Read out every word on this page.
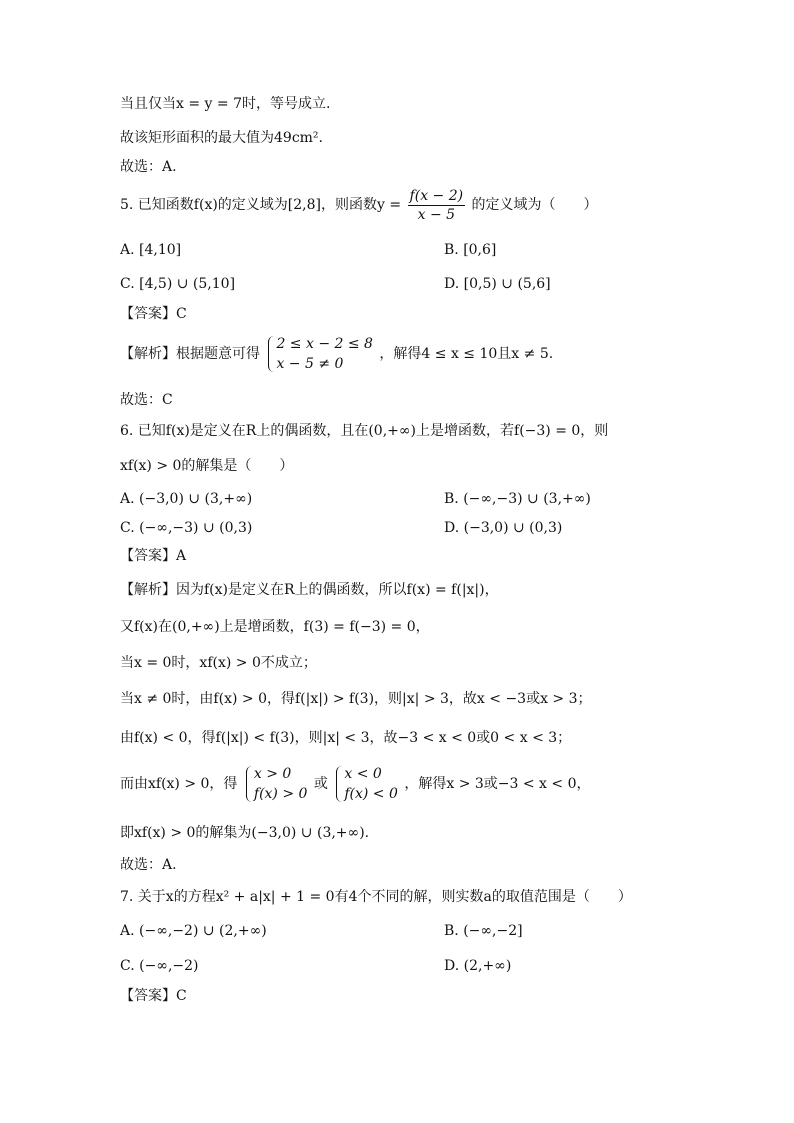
当且仅当x = y = 7时，等号成立.
故该矩形面积的最大值为49cm².
故选：A.
5. 已知函数f(x)的定义域为[2,8]，则函数$y = \frac{f(x - 2)}{x - 5}$ 的定义域为（　　）
A. [4,10]	B. [0,6]
C. [4,5) ∪ (5,10]	D. [0,5) ∪ (5,6]
【答案】C
【解析】根据题意可得
2 ≤ x − 2 ≤ 8
x − 5 ≠ 0
，解得4 ≤ x ≤ 10且x ≠ 5.
故选：C
6. 已知f(x)是定义在R上的偶函数，且在(0,+∞)上是增函数，若f(−3) = 0，则
xf(x) > 0的解集是（　　）
A. (−3,0) ∪ (3,+∞)	B. (−∞,−3) ∪ (3,+∞)
C. (−∞,−3) ∪ (0,3)	D. (−3,0) ∪ (0,3)
【答案】A
【解析】因为f(x)是定义在R上的偶函数，所以f(x) = f(|x|)，
又f(x)在(0,+∞)上是增函数，f(3) = f(−3) = 0，
当x = 0时，xf(x) > 0不成立；
当x ≠ 0时，由f(x) > 0，得f(|x|) > f(3)，则|x| > 3，故x < −3或x > 3；
由f(x) < 0，得f(|x|) < f(3)，则|x| < 3，故−3 < x < 0或0 < x < 3；
而由xf(x) > 0，得
x > 0
f(x) > 0
或
x < 0
f(x) < 0
，解得x > 3或−3 < x < 0，
即xf(x) > 0的解集为(−3,0) ∪ (3,+∞).
故选：A.
7. 关于x的方程x² + a|x| + 1 = 0有4个不同的解，则实数a的取值范围是（　　）
A. (−∞,−2) ∪ (2,+∞)	B. (−∞,−2]
C. (−∞,−2)	D. (2,+∞)
【答案】C
